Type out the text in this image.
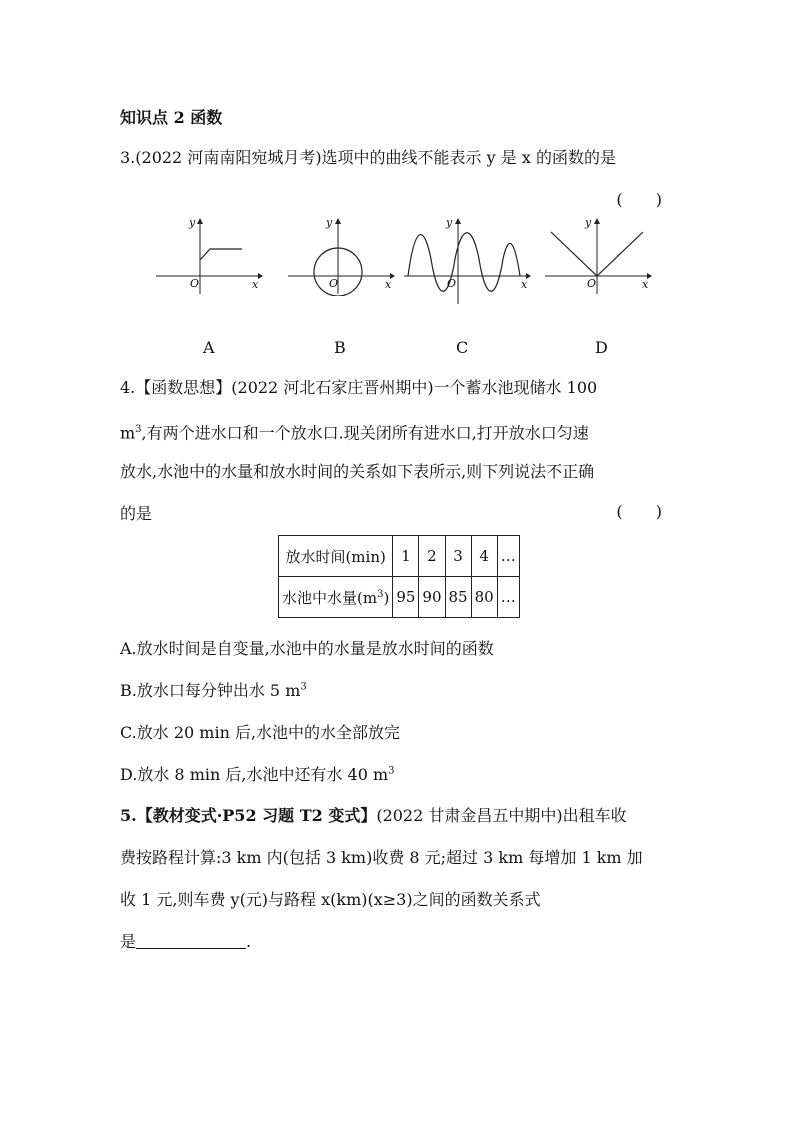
知识点 2 函数
3.(2022 河南南阳宛城月考)选项中的曲线不能表示 y 是 x 的函数的是
( )
y
x
O
A
y
x
O
B
y
x
O
C
y
x
O
D
4.【函数思想】(2022 河北石家庄晋州期中)一个蓄水池现储水 100
$m^3$,有两个进水口和一个放水口.现关闭所有进水口,打开放水口匀速
放水,水池中的水量和放水时间的关系如下表所示,则下列说法不正确
的是	( )
放水时间(min)	1	2	3	4	…
水池中水量$(m^3)$	95	90	85	80	…
A.放水时间是自变量,水池中的水量是放水时间的函数
B.放水口每分钟出水 5 $m^3$
C.放水 20 min 后,水池中的水全部放完
D.放水 8 min 后,水池中还有水 40 $m^3$
5.【教材变式·P52 习题 T2 变式】(2022 甘肃金昌五中期中)出租车收
费按路程计算:3 km 内(包括 3 km)收费 8 元;超过 3 km 每增加 1 km 加
收 1 元,则车费 y(元)与路程 x(km)(x≥3)之间的函数关系式
是	.
